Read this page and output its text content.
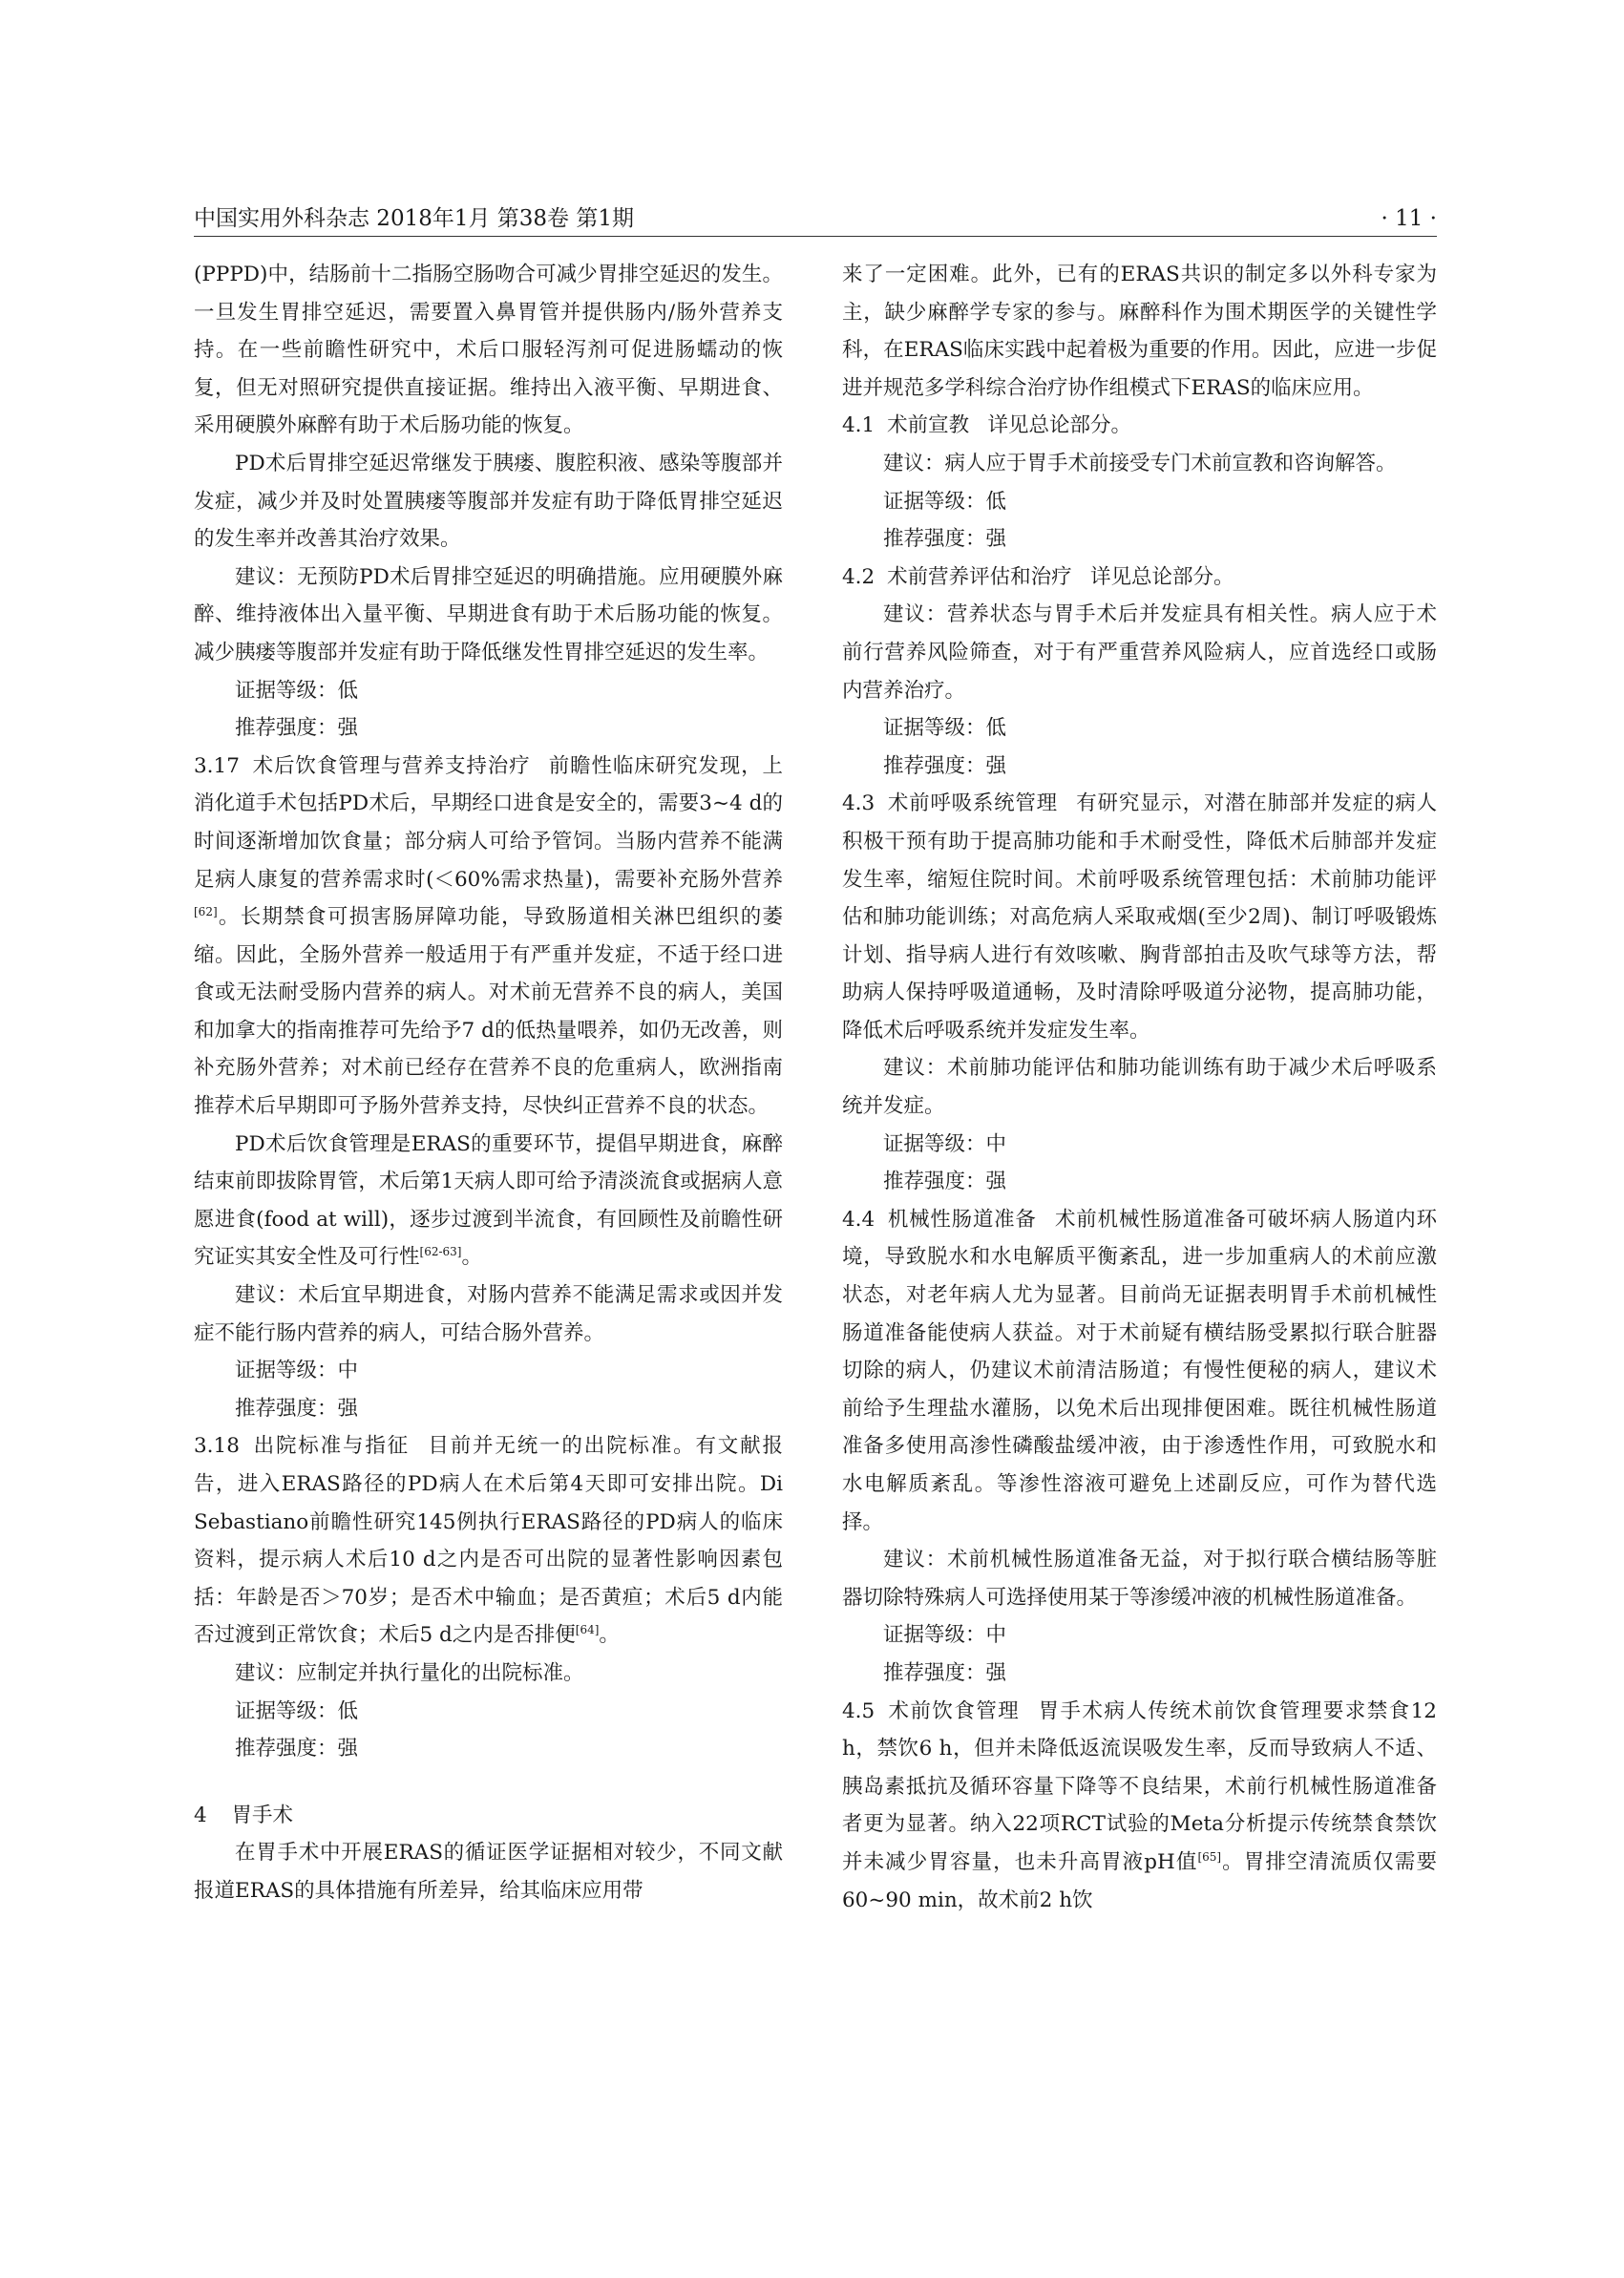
中国实用外科杂志 2018年1月 第38卷 第1期	· 11 ·

(PPPD)中，结肠前十二指肠空肠吻合可减少胃排空延迟的发生。一旦发生胃排空延迟，需要置入鼻胃管并提供肠内/肠外营养支持。在一些前瞻性研究中，术后口服轻泻剂可促进肠蠕动的恢复，但无对照研究提供直接证据。维持出入液平衡、早期进食、采用硬膜外麻醉有助于术后肠功能的恢复。

PD术后胃排空延迟常继发于胰瘘、腹腔积液、感染等腹部并发症，减少并及时处置胰瘘等腹部并发症有助于降低胃排空延迟的发生率并改善其治疗效果。

建议：无预防PD术后胃排空延迟的明确措施。应用硬膜外麻醉、维持液体出入量平衡、早期进食有助于术后肠功能的恢复。减少胰瘘等腹部并发症有助于降低继发性胃排空延迟的发生率。

证据等级：低

推荐强度：强

3.17 术后饮食管理与营养支持治疗 前瞻性临床研究发现，上消化道手术包括PD术后，早期经口进食是安全的，需要3~4 d的时间逐渐增加饮食量；部分病人可给予管饲。当肠内营养不能满足病人康复的营养需求时(＜60%需求热量)，需要补充肠外营养[62]。长期禁食可损害肠屏障功能，导致肠道相关淋巴组织的萎缩。因此，全肠外营养一般适用于有严重并发症，不适于经口进食或无法耐受肠内营养的病人。对术前无营养不良的病人，美国和加拿大的指南推荐可先给予7 d的低热量喂养，如仍无改善，则补充肠外营养；对术前已经存在营养不良的危重病人，欧洲指南推荐术后早期即可予肠外营养支持，尽快纠正营养不良的状态。

PD术后饮食管理是ERAS的重要环节，提倡早期进食，麻醉结束前即拔除胃管，术后第1天病人即可给予清淡流食或据病人意愿进食(food at will)，逐步过渡到半流食，有回顾性及前瞻性研究证实其安全性及可行性[62-63]。

建议：术后宜早期进食，对肠内营养不能满足需求或因并发症不能行肠内营养的病人，可结合肠外营养。

证据等级：中

推荐强度：强

3.18 出院标准与指征 目前并无统一的出院标准。有文献报告，进入ERAS路径的PD病人在术后第4天即可安排出院。Di Sebastiano前瞻性研究145例执行ERAS路径的PD病人的临床资料，提示病人术后10 d之内是否可出院的显著性影响因素包括：年龄是否＞70岁；是否术中输血；是否黄疸；术后5 d内能否过渡到正常饮食；术后5 d之内是否排便[64]。

建议：应制定并执行量化的出院标准。

证据等级：低

推荐强度：强

4 胃手术

在胃手术中开展ERAS的循证医学证据相对较少，不同文献报道ERAS的具体措施有所差异，给其临床应用带

来了一定困难。此外，已有的ERAS共识的制定多以外科专家为主，缺少麻醉学专家的参与。麻醉科作为围术期医学的关键性学科，在ERAS临床实践中起着极为重要的作用。因此，应进一步促进并规范多学科综合治疗协作组模式下ERAS的临床应用。

4.1 术前宣教 详见总论部分。

建议：病人应于胃手术前接受专门术前宣教和咨询解答。

证据等级：低

推荐强度：强

4.2 术前营养评估和治疗 详见总论部分。

建议：营养状态与胃手术后并发症具有相关性。病人应于术前行营养风险筛查，对于有严重营养风险病人，应首选经口或肠内营养治疗。

证据等级：低

推荐强度：强

4.3 术前呼吸系统管理 有研究显示，对潜在肺部并发症的病人积极干预有助于提高肺功能和手术耐受性，降低术后肺部并发症发生率，缩短住院时间。术前呼吸系统管理包括：术前肺功能评估和肺功能训练；对高危病人采取戒烟(至少2周)、制订呼吸锻炼计划、指导病人进行有效咳嗽、胸背部拍击及吹气球等方法，帮助病人保持呼吸道通畅，及时清除呼吸道分泌物，提高肺功能，降低术后呼吸系统并发症发生率。

建议：术前肺功能评估和肺功能训练有助于减少术后呼吸系统并发症。

证据等级：中

推荐强度：强

4.4 机械性肠道准备 术前机械性肠道准备可破坏病人肠道内环境，导致脱水和水电解质平衡紊乱，进一步加重病人的术前应激状态，对老年病人尤为显著。目前尚无证据表明胃手术前机械性肠道准备能使病人获益。对于术前疑有横结肠受累拟行联合脏器切除的病人，仍建议术前清洁肠道；有慢性便秘的病人，建议术前给予生理盐水灌肠，以免术后出现排便困难。既往机械性肠道准备多使用高渗性磷酸盐缓冲液，由于渗透性作用，可致脱水和水电解质紊乱。等渗性溶液可避免上述副反应，可作为替代选择。

建议：术前机械性肠道准备无益，对于拟行联合横结肠等脏器切除特殊病人可选择使用某于等渗缓冲液的机械性肠道准备。

证据等级：中

推荐强度：强

4.5 术前饮食管理 胃手术病人传统术前饮食管理要求禁食12 h，禁饮6 h，但并未降低返流误吸发生率，反而导致病人不适、胰岛素抵抗及循环容量下降等不良结果，术前行机械性肠道准备者更为显著。纳入22项RCT试验的Meta分析提示传统禁食禁饮并未减少胃容量，也未升高胃液pH值[65]。胃排空清流质仅需要60~90 min，故术前2 h饮
